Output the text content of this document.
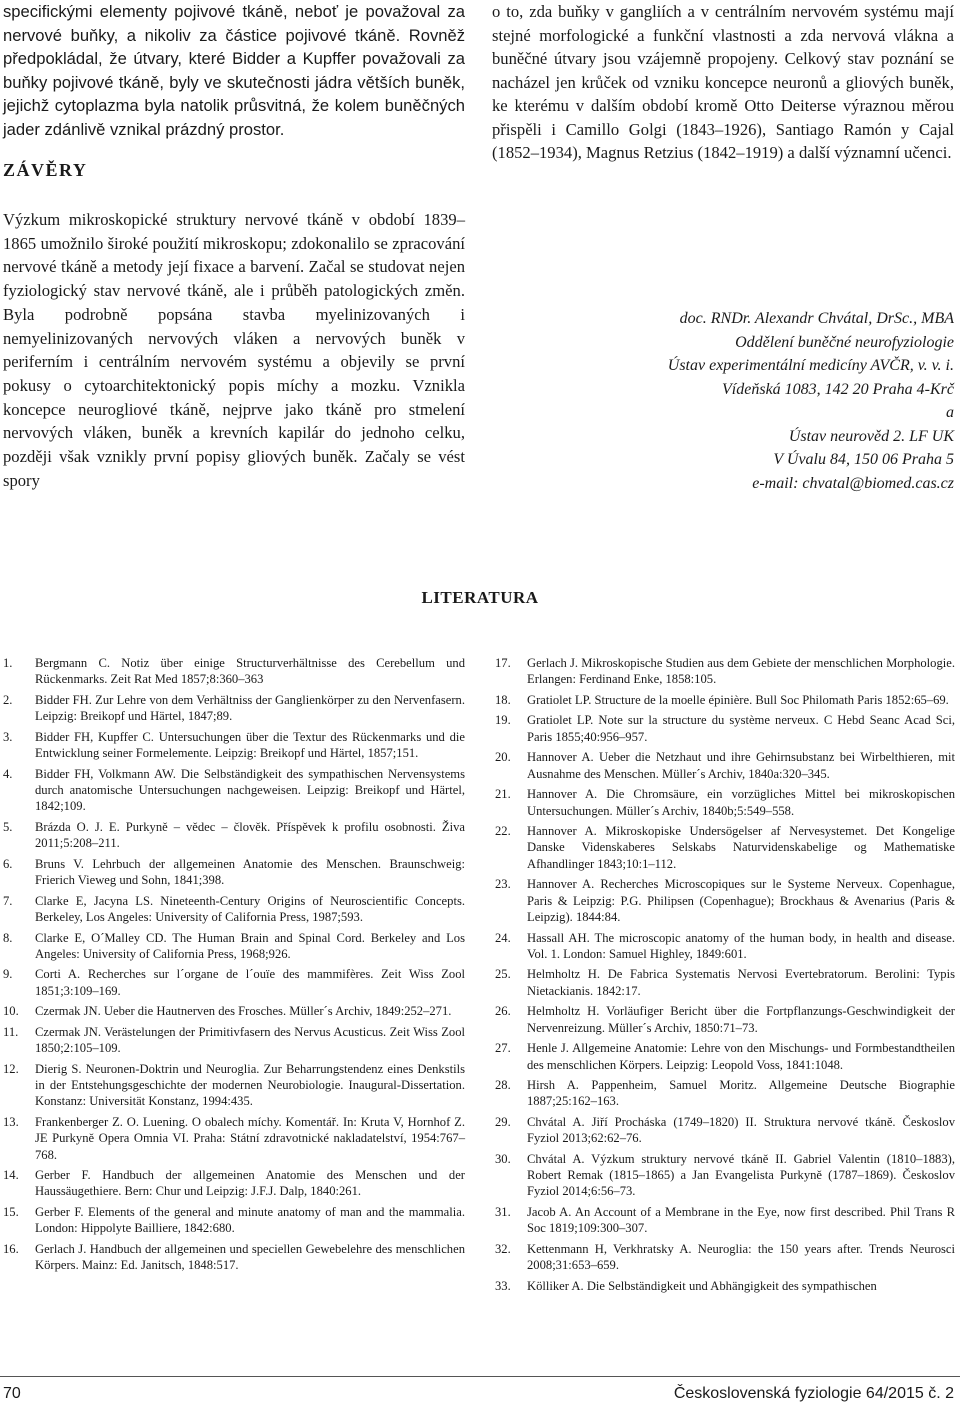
specifickými elementy pojivové tkáně, neboť je považoval za nervové buňky, a nikoliv za částice pojivové tkáně. Rovněž předpokládal, že útvary, které Bidder a Kupffer považovali za buňky pojivové tkáně, byly ve skutečnosti jádra větších buněk, jejichž cytoplazma byla natolik průsvitná, že kolem buněčných jader zdánlivě vznikal prázdný prostor.
ZÁVĚRY
Výzkum mikroskopické struktury nervové tkáně v období 1839–1865 umožnilo široké použití mikroskopu; zdokonalilo se zpracování nervové tkáně a metody její fixace a barvení. Začal se studovat nejen fyziologický stav nervové tkáně, ale i průběh patologických změn. Byla podrobně popsána stavba myelinizovaných i nemyelinizovaných nervových vláken a nervových buněk v periferním i centrálním nervovém systému a objevily se první pokusy o cytoarchitektonický popis míchy a mozku. Vznikla koncepce neurogliové tkáně, nejprve jako tkáně pro stmelení nervových vláken, buněk a krevních kapilár do jednoho celku, později však vznikly první popisy gliových buněk. Začaly se vést spory
o to, zda buňky v gangliích a v centrálním nervovém systému mají stejné morfologické a funkční vlastnosti a zda nervová vlákna a buněčné útvary jsou vzájemně propojeny. Celkový stav poznání se nacházel jen krůček od vzniku koncepce neuronů a gliových buněk, ke kterému v dalším období kromě Otto Deiterse výraznou měrou přispěli i Camillo Golgi (1843–1926), Santiago Ramón y Cajal (1852–1934), Magnus Retzius (1842–1919) a další významní učenci.
doc. RNDr. Alexandr Chvátal, DrSc., MBA
Oddělení buněčné neurofyziologie
Ústav experimentální medicíny AVČR, v. v. i.
Vídeňská 1083, 142 20 Praha 4-Krč
a
Ústav neurověd 2. LF UK
V Úvalu 84, 150 06 Praha 5
e-mail: chvatal@biomed.cas.cz
LITERATURA
1. Bergmann C. Notiz über einige Structurverhältnisse des Cerebellum und Rückenmarks. Zeit Rat Med 1857;8:360–363
2. Bidder FH. Zur Lehre von dem Verhältniss der Ganglienkörper zu den Nervenfasern. Leipzig: Breikopf und Härtel, 1847;89.
3. Bidder FH, Kupffer C. Untersuchungen über die Textur des Rückenmarks und die Entwicklung seiner Formelemente. Leipzig: Breikopf und Härtel, 1857;151.
4. Bidder FH, Volkmann AW. Die Selbständigkeit des sympathischen Nervensystems durch anatomische Untersuchungen nachgeweisen. Leipzig: Breikopf und Härtel, 1842;109.
5. Brázda O. J. E. Purkyně – vědec – člověk. Příspěvek k profilu osobnosti. Živa 2011;5:208–211.
6. Bruns V. Lehrbuch der allgemeinen Anatomie des Menschen. Braunschweig: Frierich Vieweg und Sohn, 1841;398.
7. Clarke E, Jacyna LS. Nineteenth-Century Origins of Neuroscientific Concepts. Berkeley, Los Angeles: University of California Press, 1987;593.
8. Clarke E, O´Malley CD. The Human Brain and Spinal Cord. Berkeley and Los Angeles: University of California Press, 1968;926.
9. Corti A. Recherches sur l´organe de l´ouïe des mammifères. Zeit Wiss Zool 1851;3:109–169.
10. Czermak JN. Ueber die Hautnerven des Frosches. Müller´s Archiv, 1849:252–271.
11. Czermak JN. Verästelungen der Primitivfasern des Nervus Acusticus. Zeit Wiss Zool 1850;2:105–109.
12. Dierig S. Neuronen-Doktrin und Neuroglia. Zur Beharrungstendenz eines Denkstils in der Entstehungsgeschichte der modernen Neurobiologie. Inaugural-Dissertation. Konstanz: Universität Konstanz, 1994:435.
13. Frankenberger Z. O. Luening. O obalech míchy. Komentář. In: Kruta V, Hornhof Z. JE Purkyně Opera Omnia VI. Praha: Státní zdravotnické nakladatelství, 1954:767–768.
14. Gerber F. Handbuch der allgemeinen Anatomie des Menschen und der Haussäugethiere. Bern: Chur und Leipzig: J.F.J. Dalp, 1840:261.
15. Gerber F. Elements of the general and minute anatomy of man and the mammalia. London: Hippolyte Bailliere, 1842:680.
16. Gerlach J. Handbuch der allgemeinen und speciellen Gewebelehre des menschlichen Körpers. Mainz: Ed. Janitsch, 1848:517.
17. Gerlach J. Mikroskopische Studien aus dem Gebiete der menschlichen Morphologie. Erlangen: Ferdinand Enke, 1858:105.
18. Gratiolet LP. Structure de la moelle épinière. Bull Soc Philomath Paris 1852:65–69.
19. Gratiolet LP. Note sur la structure du système nerveux. C Hebd Seanc Acad Sci, Paris 1855;40:956–957.
20. Hannover A. Ueber die Netzhaut und ihre Gehirnsubstanz bei Wirbelthieren, mit Ausnahme des Menschen. Müller´s Archiv, 1840a:320–345.
21. Hannover A. Die Chromsäure, ein vorzügliches Mittel bei mikroskopischen Untersuchungen. Müller´s Archiv, 1840b;5:549–558.
22. Hannover A. Mikroskopiske Undersögelser af Nervesystemet. Det Kongelige Danske Videnskaberes Selskabs Naturvidenskabelige og Mathematiske Afhandlinger 1843;10:1–112.
23. Hannover A. Recherches Microscopiques sur le Systeme Nerveux. Copenhague, Paris & Leipzig: P.G. Philipsen (Copenhague); Brockhaus & Avenarius (Paris & Leipzig). 1844:84.
24. Hassall AH. The microscopic anatomy of the human body, in health and disease. Vol. 1. London: Samuel Highley, 1849:601.
25. Helmholtz H. De Fabrica Systematis Nervosi Evertebratorum. Berolini: Typis Nietackianis. 1842:17.
26. Helmholtz H. Vorläufiger Bericht über die Fortpflanzungs-Geschwindigkeit der Nervenreizung. Müller´s Archiv, 1850:71–73.
27. Henle J. Allgemeine Anatomie: Lehre von den Mischungs- und Formbestandtheilen des menschlichen Körpers. Leipzig: Leopold Voss, 1841:1048.
28. Hirsh A. Pappenheim, Samuel Moritz. Allgemeine Deutsche Biographie 1887;25:162–163.
29. Chvátal A. Jiří Procháska (1749–1820) II. Struktura nervové tkáně. Českoslov Fyziol 2013;62:62–76.
30. Chvátal A. Výzkum struktury nervové tkáně II. Gabriel Valentin (1810–1883), Robert Remak (1815–1865) a Jan Evangelista Purkyně (1787–1869). Českoslov Fyziol 2014;6:56–73.
31. Jacob A. An Account of a Membrane in the Eye, now first described. Phil Trans R Soc 1819;109:300–307.
32. Kettenmann H, Verkhratsky A. Neuroglia: the 150 years after. Trends Neurosci 2008;31:653–659.
33. Kölliker A. Die Selbständigkeit und Abhängigkeit des sympathischen
70	Československá fyziologie 64/2015 č. 2
